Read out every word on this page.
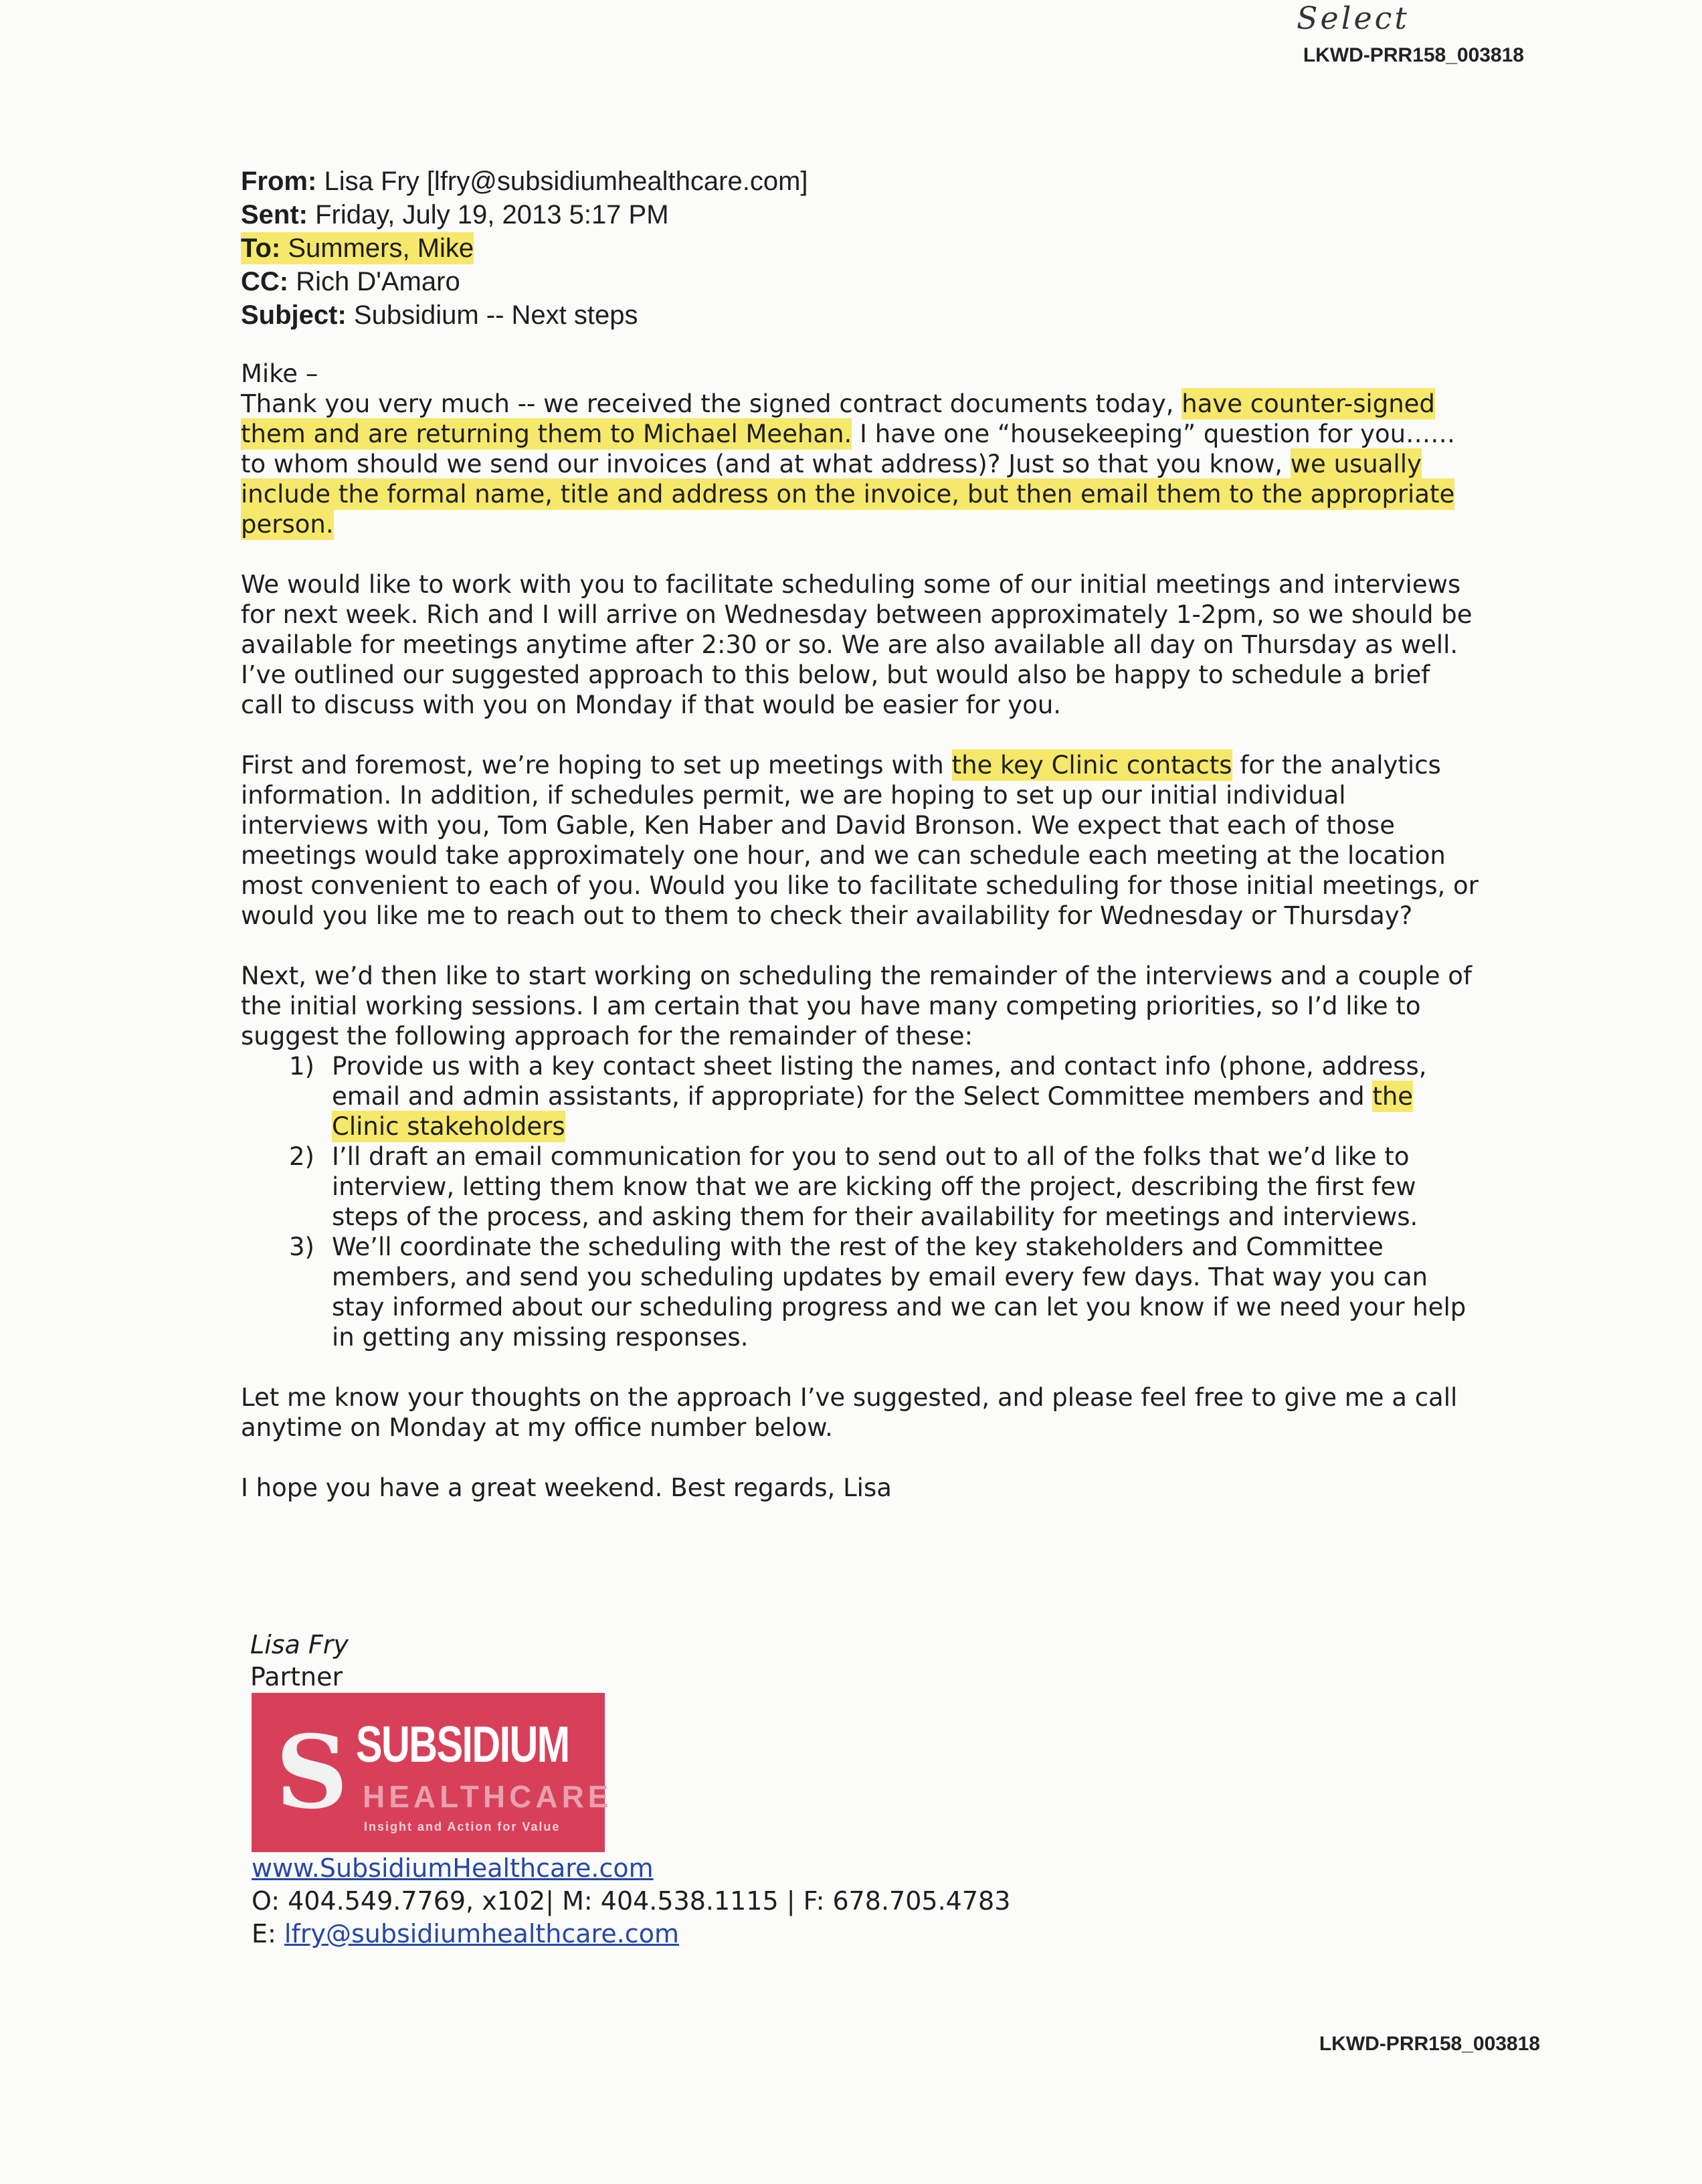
Select
LKWD-PRR158_003818
From: Lisa Fry [lfry@subsidiumhealthcare.com]
Sent: Friday, July 19, 2013 5:17 PM
To: Summers, Mike
CC: Rich D'Amaro
Subject: Subsidium -- Next steps
Mike –

Thank you very much -- we received the signed contract documents today, have counter-signed them and are returning them to Michael Meehan. I have one “housekeeping” question for you…… to whom should we send our invoices (and at what address)? Just so that you know, we usually include the formal name, title and address on the invoice, but then email them to the appropriate person.

We would like to work with you to facilitate scheduling some of our initial meetings and interviews for next week. Rich and I will arrive on Wednesday between approximately 1-2pm, so we should be available for meetings anytime after 2:30 or so. We are also available all day on Thursday as well. I’ve outlined our suggested approach to this below, but would also be happy to schedule a brief call to discuss with you on Monday if that would be easier for you.

First and foremost, we’re hoping to set up meetings with the key Clinic contacts for the analytics information. In addition, if schedules permit, we are hoping to set up our initial individual interviews with you, Tom Gable, Ken Haber and David Bronson. We expect that each of those meetings would take approximately one hour, and we can schedule each meeting at the location most convenient to each of you. Would you like to facilitate scheduling for those initial meetings, or would you like me to reach out to them to check their availability for Wednesday or Thursday?

Next, we’d then like to start working on scheduling the remainder of the interviews and a couple of the initial working sessions. I am certain that you have many competing priorities, so I’d like to suggest the following approach for the remainder of these:

1) Provide us with a key contact sheet listing the names, and contact info (phone, address, email and admin assistants, if appropriate) for the Select Committee members and the Clinic stakeholders
2) I’ll draft an email communication for you to send out to all of the folks that we’d like to interview, letting them know that we are kicking off the project, describing the first few steps of the process, and asking them for their availability for meetings and interviews.
3) We’ll coordinate the scheduling with the rest of the key stakeholders and Committee members, and send you scheduling updates by email every few days. That way you can stay informed about our scheduling progress and we can let you know if we need your help in getting any missing responses.

Let me know your thoughts on the approach I’ve suggested, and please feel free to give me a call anytime on Monday at my office number below.

I hope you have a great weekend. Best regards, Lisa

Lisa Fry
Partner
S SUBSIDIUM
HEALTHCARE
Insight and Action for Value
www.SubsidiumHealthcare.com
O: 404.549.7769, x102| M: 404.538.1115 | F: 678.705.4783
E: lfry@subsidiumhealthcare.com
LKWD-PRR158_003818
